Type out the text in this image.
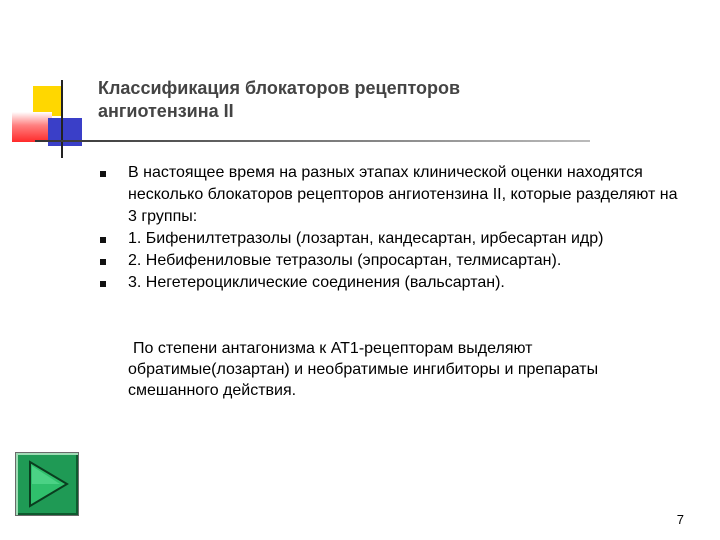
Классификация блокаторов рецепторов
ангиотензина II
В настоящее время на разных этапах клинической оценки находятся несколько блокаторов рецепторов ангиотензина II, которые разделяют на 3 группы:
1. Бифенилтетразолы (лозартан, кандесартан, ирбесартан идр)
2. Небифениловые тетразолы (эпросартан, телмисартан).
3. Негетероциклические соединения (вальсартан).

По степени антагонизма к АТ1-рецепторам выделяют
обратимые(лозартан) и необратимые ингибиторы и препараты
смешанного действия.

7
